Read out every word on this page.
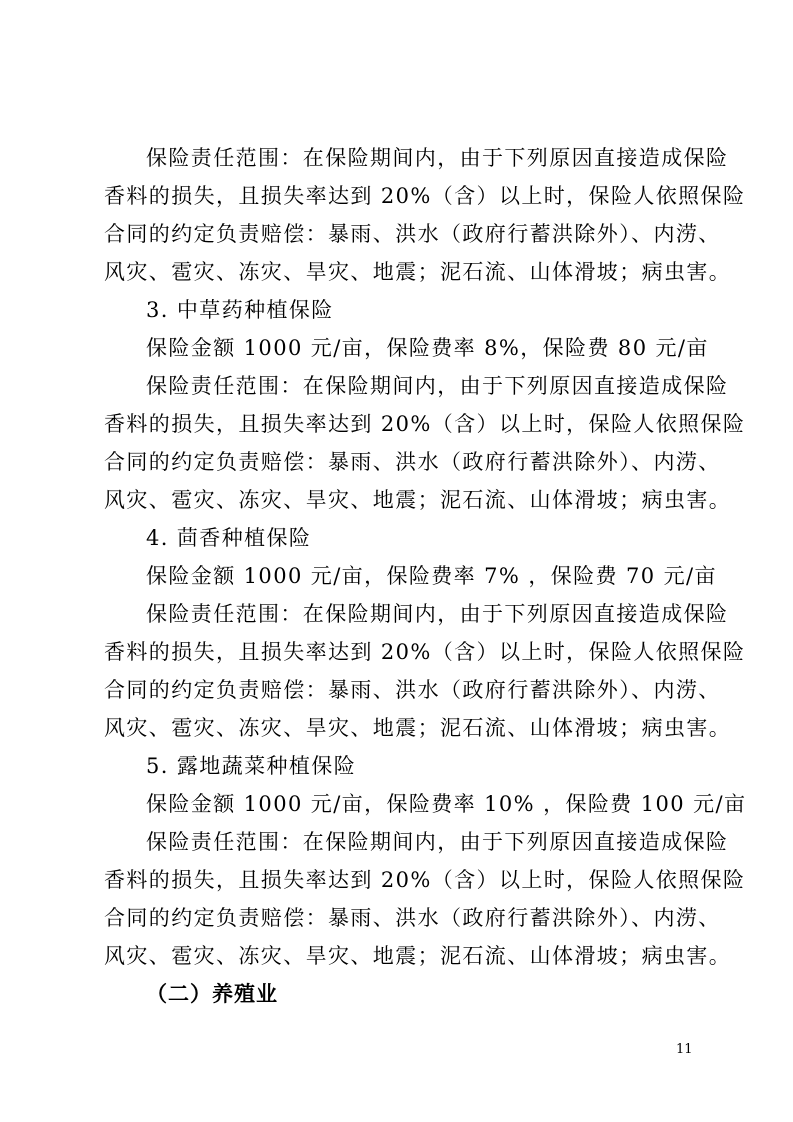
保险责任范围：在保险期间内，由于下列原因直接造成保险
香料的损失，且损失率达到 20%（含）以上时，保险人依照保险
合同的约定负责赔偿：暴雨、洪水（政府行蓄洪除外）、内涝、
风灾、雹灾、冻灾、旱灾、地震；泥石流、山体滑坡；病虫害。
3. 中草药种植保险
保险金额 1000 元/亩，保险费率 8%，保险费 80 元/亩
保险责任范围：在保险期间内，由于下列原因直接造成保险
香料的损失，且损失率达到 20%（含）以上时，保险人依照保险
合同的约定负责赔偿：暴雨、洪水（政府行蓄洪除外）、内涝、
风灾、雹灾、冻灾、旱灾、地震；泥石流、山体滑坡；病虫害。
4. 茴香种植保险
保险金额 1000 元/亩，保险费率 7% ，保险费 70 元/亩
保险责任范围：在保险期间内，由于下列原因直接造成保险
香料的损失，且损失率达到 20%（含）以上时，保险人依照保险
合同的约定负责赔偿：暴雨、洪水（政府行蓄洪除外）、内涝、
风灾、雹灾、冻灾、旱灾、地震；泥石流、山体滑坡；病虫害。
5. 露地蔬菜种植保险
保险金额 1000 元/亩，保险费率 10% ，保险费 100 元/亩
保险责任范围：在保险期间内，由于下列原因直接造成保险
香料的损失，且损失率达到 20%（含）以上时，保险人依照保险
合同的约定负责赔偿：暴雨、洪水（政府行蓄洪除外）、内涝、
风灾、雹灾、冻灾、旱灾、地震；泥石流、山体滑坡；病虫害。
（二）养殖业
11
